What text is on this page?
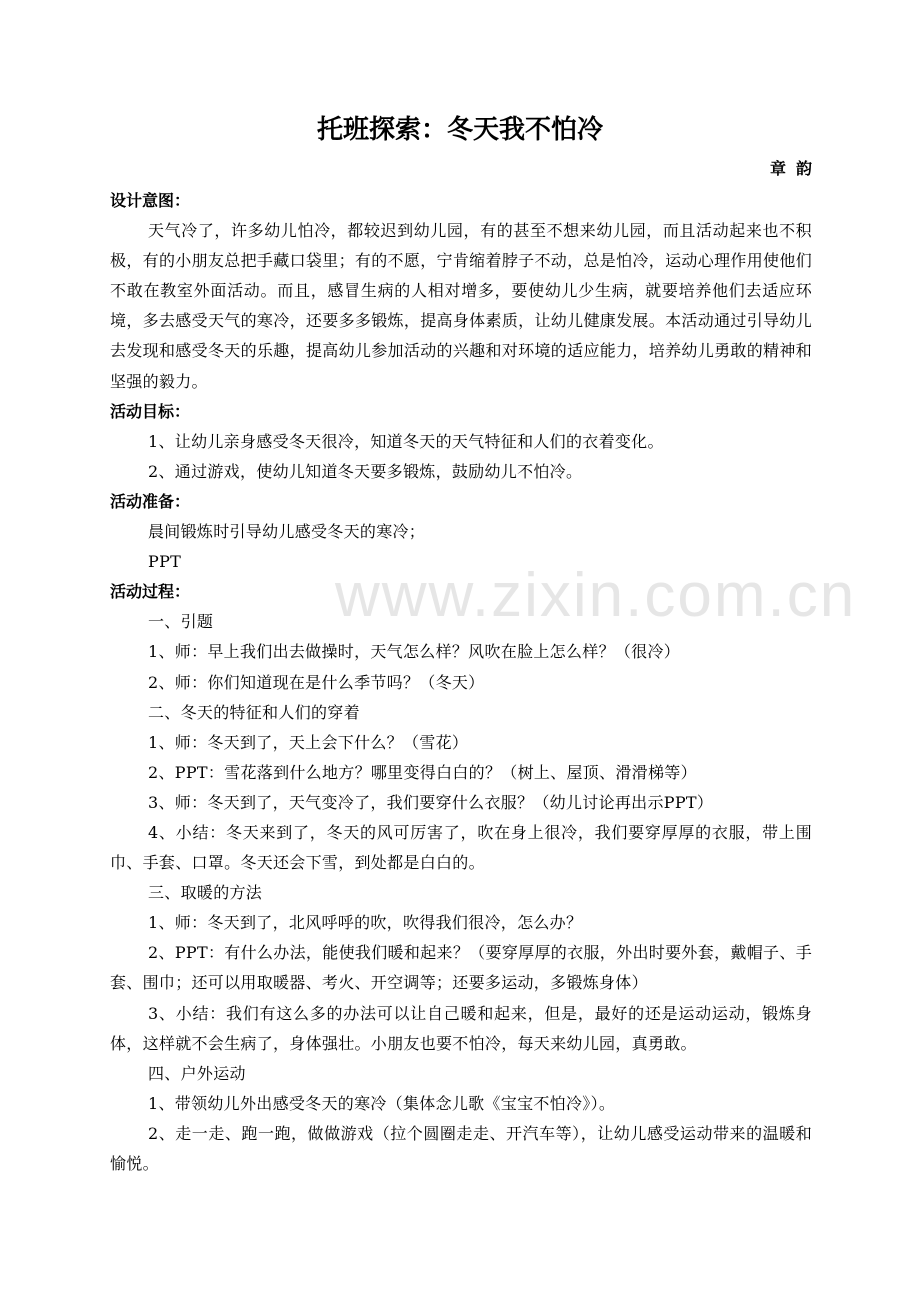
www.zixin.com.cn
托班探索：冬天我不怕冷
章韵
设计意图：
天气冷了，许多幼儿怕冷，都较迟到幼儿园，有的甚至不想来幼儿园，而且活动起来也不积极，有的小朋友总把手藏口袋里；有的不愿，宁肯缩着脖子不动，总是怕冷，运动心理作用使他们不敢在教室外面活动。而且，感冒生病的人相对增多，要使幼儿少生病，就要培养他们去适应环境，多去感受天气的寒冷，还要多多锻炼，提高身体素质，让幼儿健康发展。本活动通过引导幼儿去发现和感受冬天的乐趣，提高幼儿参加活动的兴趣和对环境的适应能力，培养幼儿勇敢的精神和坚强的毅力。
活动目标：
1、让幼儿亲身感受冬天很冷，知道冬天的天气特征和人们的衣着变化。
2、通过游戏，使幼儿知道冬天要多锻炼，鼓励幼儿不怕冷。
活动准备：
晨间锻炼时引导幼儿感受冬天的寒冷；
PPT
活动过程：
一、引题
1、师：早上我们出去做操时，天气怎么样？风吹在脸上怎么样？（很冷）
2、师：你们知道现在是什么季节吗？（冬天）
二、冬天的特征和人们的穿着
1、师：冬天到了，天上会下什么？（雪花）
2、PPT：雪花落到什么地方？哪里变得白白的？（树上、屋顶、滑滑梯等）
3、师：冬天到了，天气变冷了，我们要穿什么衣服？（幼儿讨论再出示PPT）
4、小结：冬天来到了，冬天的风可厉害了，吹在身上很冷，我们要穿厚厚的衣服，带上围巾、手套、口罩。冬天还会下雪，到处都是白白的。
三、取暖的方法
1、师：冬天到了，北风呼呼的吹，吹得我们很冷，怎么办？
2、PPT：有什么办法，能使我们暖和起来？（要穿厚厚的衣服，外出时要外套，戴帽子、手套、围巾；还可以用取暖器、考火、开空调等；还要多运动，多锻炼身体）
3、小结：我们有这么多的办法可以让自己暖和起来，但是，最好的还是运动运动，锻炼身体，这样就不会生病了，身体强壮。小朋友也要不怕冷，每天来幼儿园，真勇敢。
四、户外运动
1、带领幼儿外出感受冬天的寒冷（集体念儿歌《宝宝不怕冷》）。
2、走一走、跑一跑，做做游戏（拉个圆圈走走、开汽车等），让幼儿感受运动带来的温暖和愉悦。
